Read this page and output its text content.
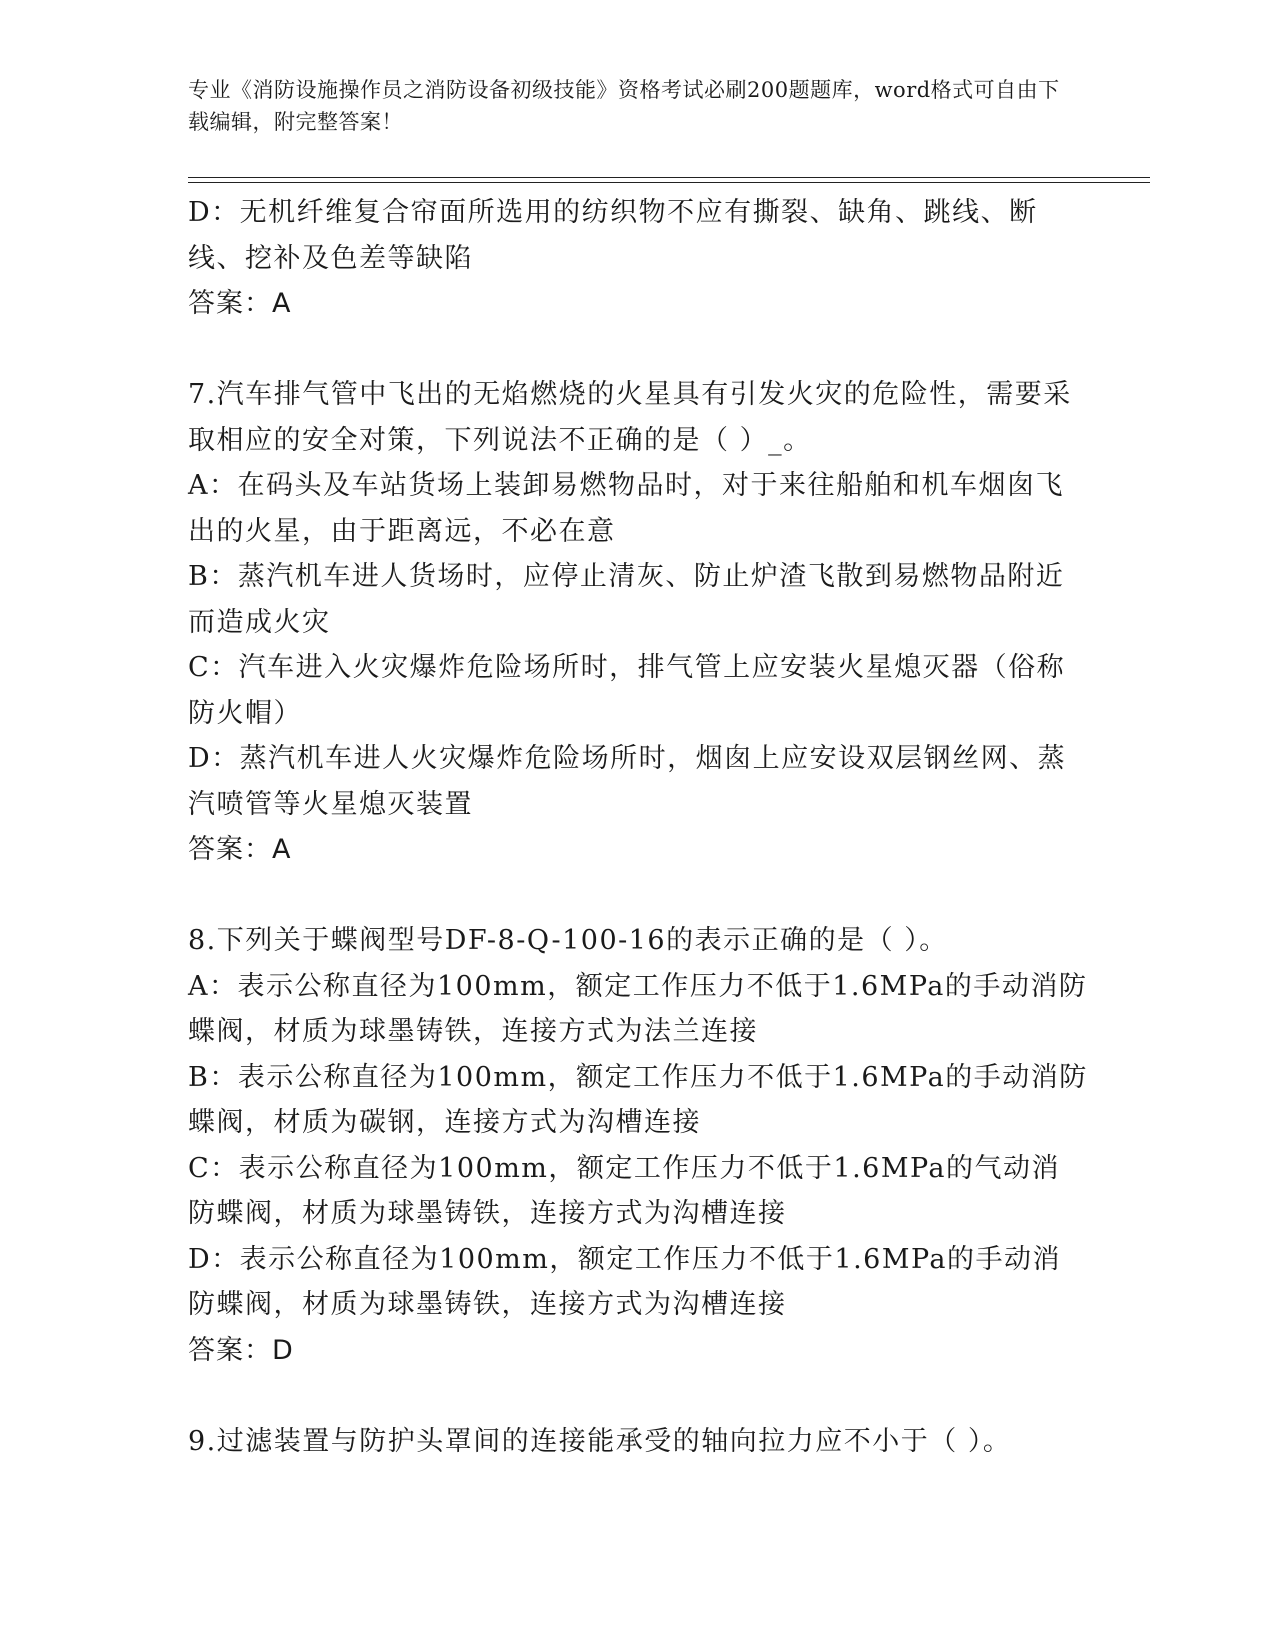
专业《消防设施操作员之消防设备初级技能》资格考试必刷200题题库，word格式可自由下载编辑，附完整答案！

D：无机纤维复合帘面所选用的纺织物不应有撕裂、缺角、跳线、断线、挖补及色差等缺陷

答案：A

7.汽车排气管中飞出的无焰燃烧的火星具有引发火灾的危险性，需要采取相应的安全对策，下列说法不正确的是（ ）_。

A：在码头及车站货场上装卸易燃物品时，对于来往船舶和机车烟囱飞出的火星，由于距离远，不必在意

B：蒸汽机车进人货场时，应停止清灰、防止炉渣飞散到易燃物品附近而造成火灾

C：汽车进入火灾爆炸危险场所时，排气管上应安装火星熄灭器（俗称防火帽）

D：蒸汽机车进人火灾爆炸危险场所时，烟囱上应安设双层钢丝网、蒸汽喷管等火星熄灭装置

答案：A

8.下列关于蝶阀型号DF-8-Q-100-16的表示正确的是（ ）。

A：表示公称直径为100mm，额定工作压力不低于1.6MPa的手动消防蝶阀，材质为球墨铸铁，连接方式为法兰连接

B：表示公称直径为100mm，额定工作压力不低于1.6MPa的手动消防蝶阀，材质为碳钢，连接方式为沟槽连接

C：表示公称直径为100mm，额定工作压力不低于1.6MPa的气动消防蝶阀，材质为球墨铸铁，连接方式为沟槽连接

D：表示公称直径为100mm，额定工作压力不低于1.6MPa的手动消防蝶阀，材质为球墨铸铁，连接方式为沟槽连接

答案：D

9.过滤装置与防护头罩间的连接能承受的轴向拉力应不小于（ ）。
